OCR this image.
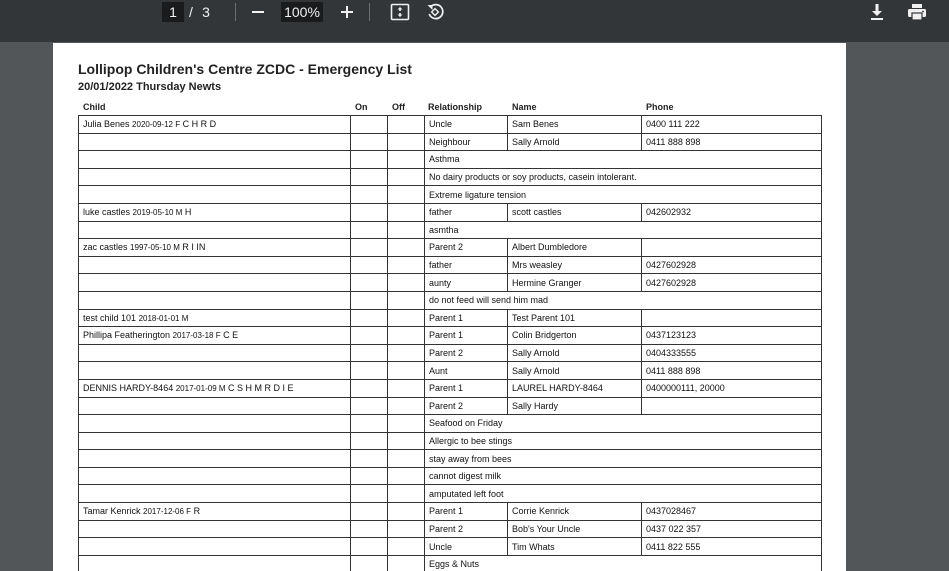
1 / 3	100%
Lollipop Children's Centre ZCDC - Emergency List
20/01/2022 Thursday Newts
Child	On	Off	Relationship	Name	Phone
Julia Benes 2020-09-12 F C H R D			Uncle	Sam Benes	0400 111 222
			Neighbour	Sally Arnold	0411 888 898
			Asthma		
			No dairy products or soy products, casein intolerant.		
			Extreme ligature tension		
luke castles 2019-05-10 M H			father	scott castles	042602932
			asmtha		
zac castles 1997-05-10 M R I IN			Parent 2	Albert Dumbledore	
			father	Mrs weasley	0427602928
			aunty	Hermine Granger	0427602928
			do not feed will send him mad		
test child 101 2018-01-01 M			Parent 1	Test Parent 101	
Phillipa Featherington 2017-03-18 F C E			Parent 1	Colin Bridgerton	0437123123
			Parent 2	Sally Arnold	0404333555
			Aunt	Sally Arnold	0411 888 898
DENNIS HARDY-8464 2017-01-09 M C S H M R D I E			Parent 1	LAUREL HARDY-8464	0400000111, 20000
			Parent 2	Sally Hardy	
			Seafood on Friday		
			Allergic to bee stings		
			stay away from bees		
			cannot digest milk		
			amputated left foot		
Tamar Kenrick 2017-12-06 F R			Parent 1	Corrie Kenrick	0437028467
			Parent 2	Bob's Your Uncle	0437 022 357
			Uncle	Tim Whats	0411 822 555
			Eggs & Nuts		
